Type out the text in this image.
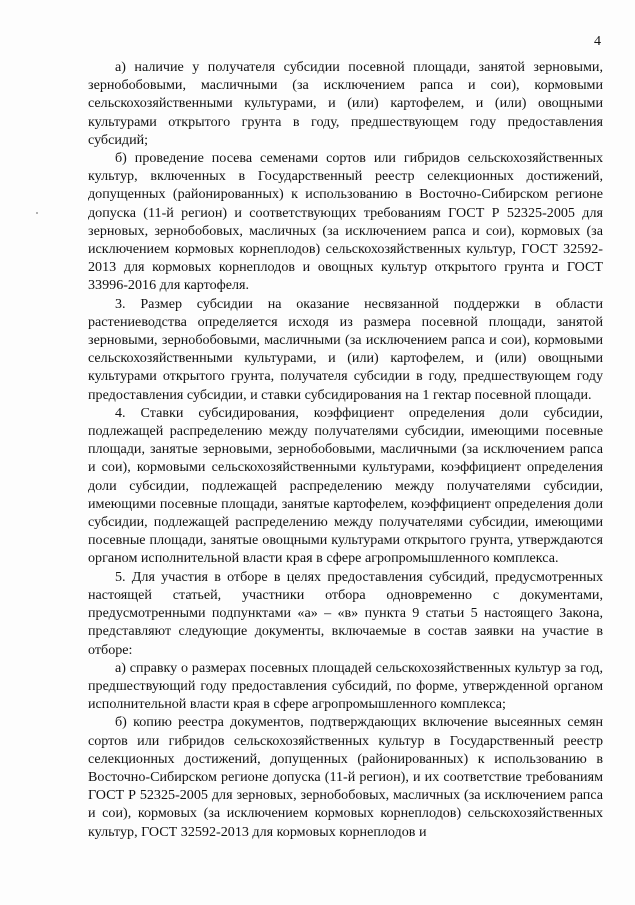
4

а) наличие у получателя субсидии посевной площади, занятой зерновыми, зернобобовыми, масличными (за исключением рапса и сои), кормовыми сельскохозяйственными культурами, и (или) картофелем, и (или) овощными культурами открытого грунта в году, предшествующем году предоставления субсидий;

б) проведение посева семенами сортов или гибридов сельскохозяйственных культур, включенных в Государственный реестр селекционных достижений, допущенных (районированных) к использованию в Восточно-Сибирском регионе допуска (11-й регион) и соответствующих требованиям ГОСТ Р 52325-2005 для зерновых, зернобобовых, масличных (за исключением рапса и сои), кормовых (за исключением кормовых корнеплодов) сельскохозяйственных культур, ГОСТ 32592-2013 для кормовых корнеплодов и овощных культур открытого грунта и ГОСТ 33996-2016 для картофеля.

3. Размер субсидии на оказание несвязанной поддержки в области растениеводства определяется исходя из размера посевной площади, занятой зерновыми, зернобобовыми, масличными (за исключением рапса и сои), кормовыми сельскохозяйственными культурами, и (или) картофелем, и (или) овощными культурами открытого грунта, получателя субсидии в году, предшествующем году предоставления субсидии, и ставки субсидирования на 1 гектар посевной площади.

4. Ставки субсидирования, коэффициент определения доли субсидии, подлежащей распределению между получателями субсидии, имеющими посевные площади, занятые зерновыми, зернобобовыми, масличными (за исключением рапса и сои), кормовыми сельскохозяйственными культурами, коэффициент определения доли субсидии, подлежащей распределению между получателями субсидии, имеющими посевные площади, занятые картофелем, коэффициент определения доли субсидии, подлежащей распределению между получателями субсидии, имеющими посевные площади, занятые овощными культурами открытого грунта, утверждаются органом исполнительной власти края в сфере агропромышленного комплекса.

5. Для участия в отборе в целях предоставления субсидий, предусмотренных настоящей статьей, участники отбора одновременно с документами, предусмотренными подпунктами «а» – «в» пункта 9 статьи 5 настоящего Закона, представляют следующие документы, включаемые в состав заявки на участие в отборе:

а) справку о размерах посевных площадей сельскохозяйственных культур за год, предшествующий году предоставления субсидий, по форме, утвержденной органом исполнительной власти края в сфере агропромышленного комплекса;

б) копию реестра документов, подтверждающих включение высеянных семян сортов или гибридов сельскохозяйственных культур в Государственный реестр селекционных достижений, допущенных (районированных) к использованию в Восточно-Сибирском регионе допуска (11-й регион), и их соответствие требованиям ГОСТ Р 52325-2005 для зерновых, зернобобовых, масличных (за исключением рапса и сои), кормовых (за исключением кормовых корнеплодов) сельскохозяйственных культур, ГОСТ 32592-2013 для кормовых корнеплодов и
